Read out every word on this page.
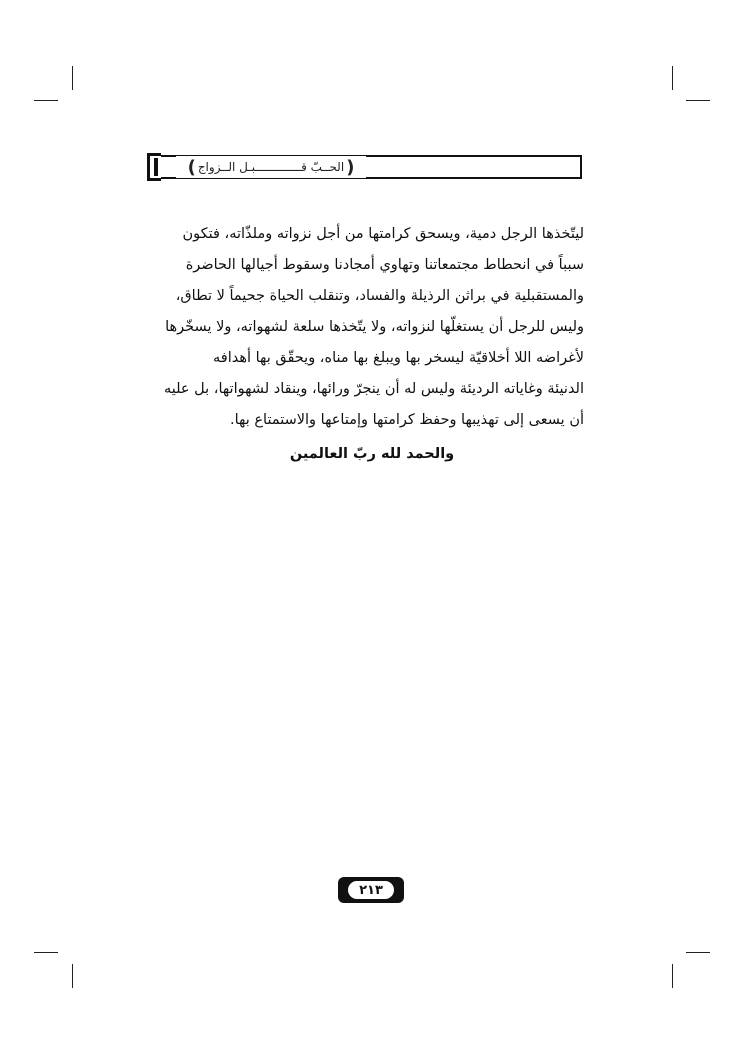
(
الحــبّ قـــــــــــــبـل الــزواج
)

ليتّخذها الرجل دمية، ويسحق كرامتها من أجل نزواته وملذّاته، فتكون

سبباً في انحطاط مجتمعاتنا وتهاوي أمجادنا وسقوط أجيالها الحاضرة

والمستقبلية في براثن الرذيلة والفساد، وتنقلب الحياة جحيماً لا تطاق،

وليس للرجل أن يستغلّها لنزواته، ولا يتّخذها سلعة لشهواته، ولا يسخّرها

لأغراضه اللا أخلاقيّة ليسخر بها ويبلغ بها مناه، ويحقّق بها أهدافه

الدنيئة وغاياته الرديئة وليس له أن ينجرّ ورائها، وينقاد لشهواتها، بل عليه

أن يسعى إلى تهذيبها وحفظ كرامتها وإمتاعها والاستمتاع بها.

والحمد لله ربّ العالمين
٢١٣
